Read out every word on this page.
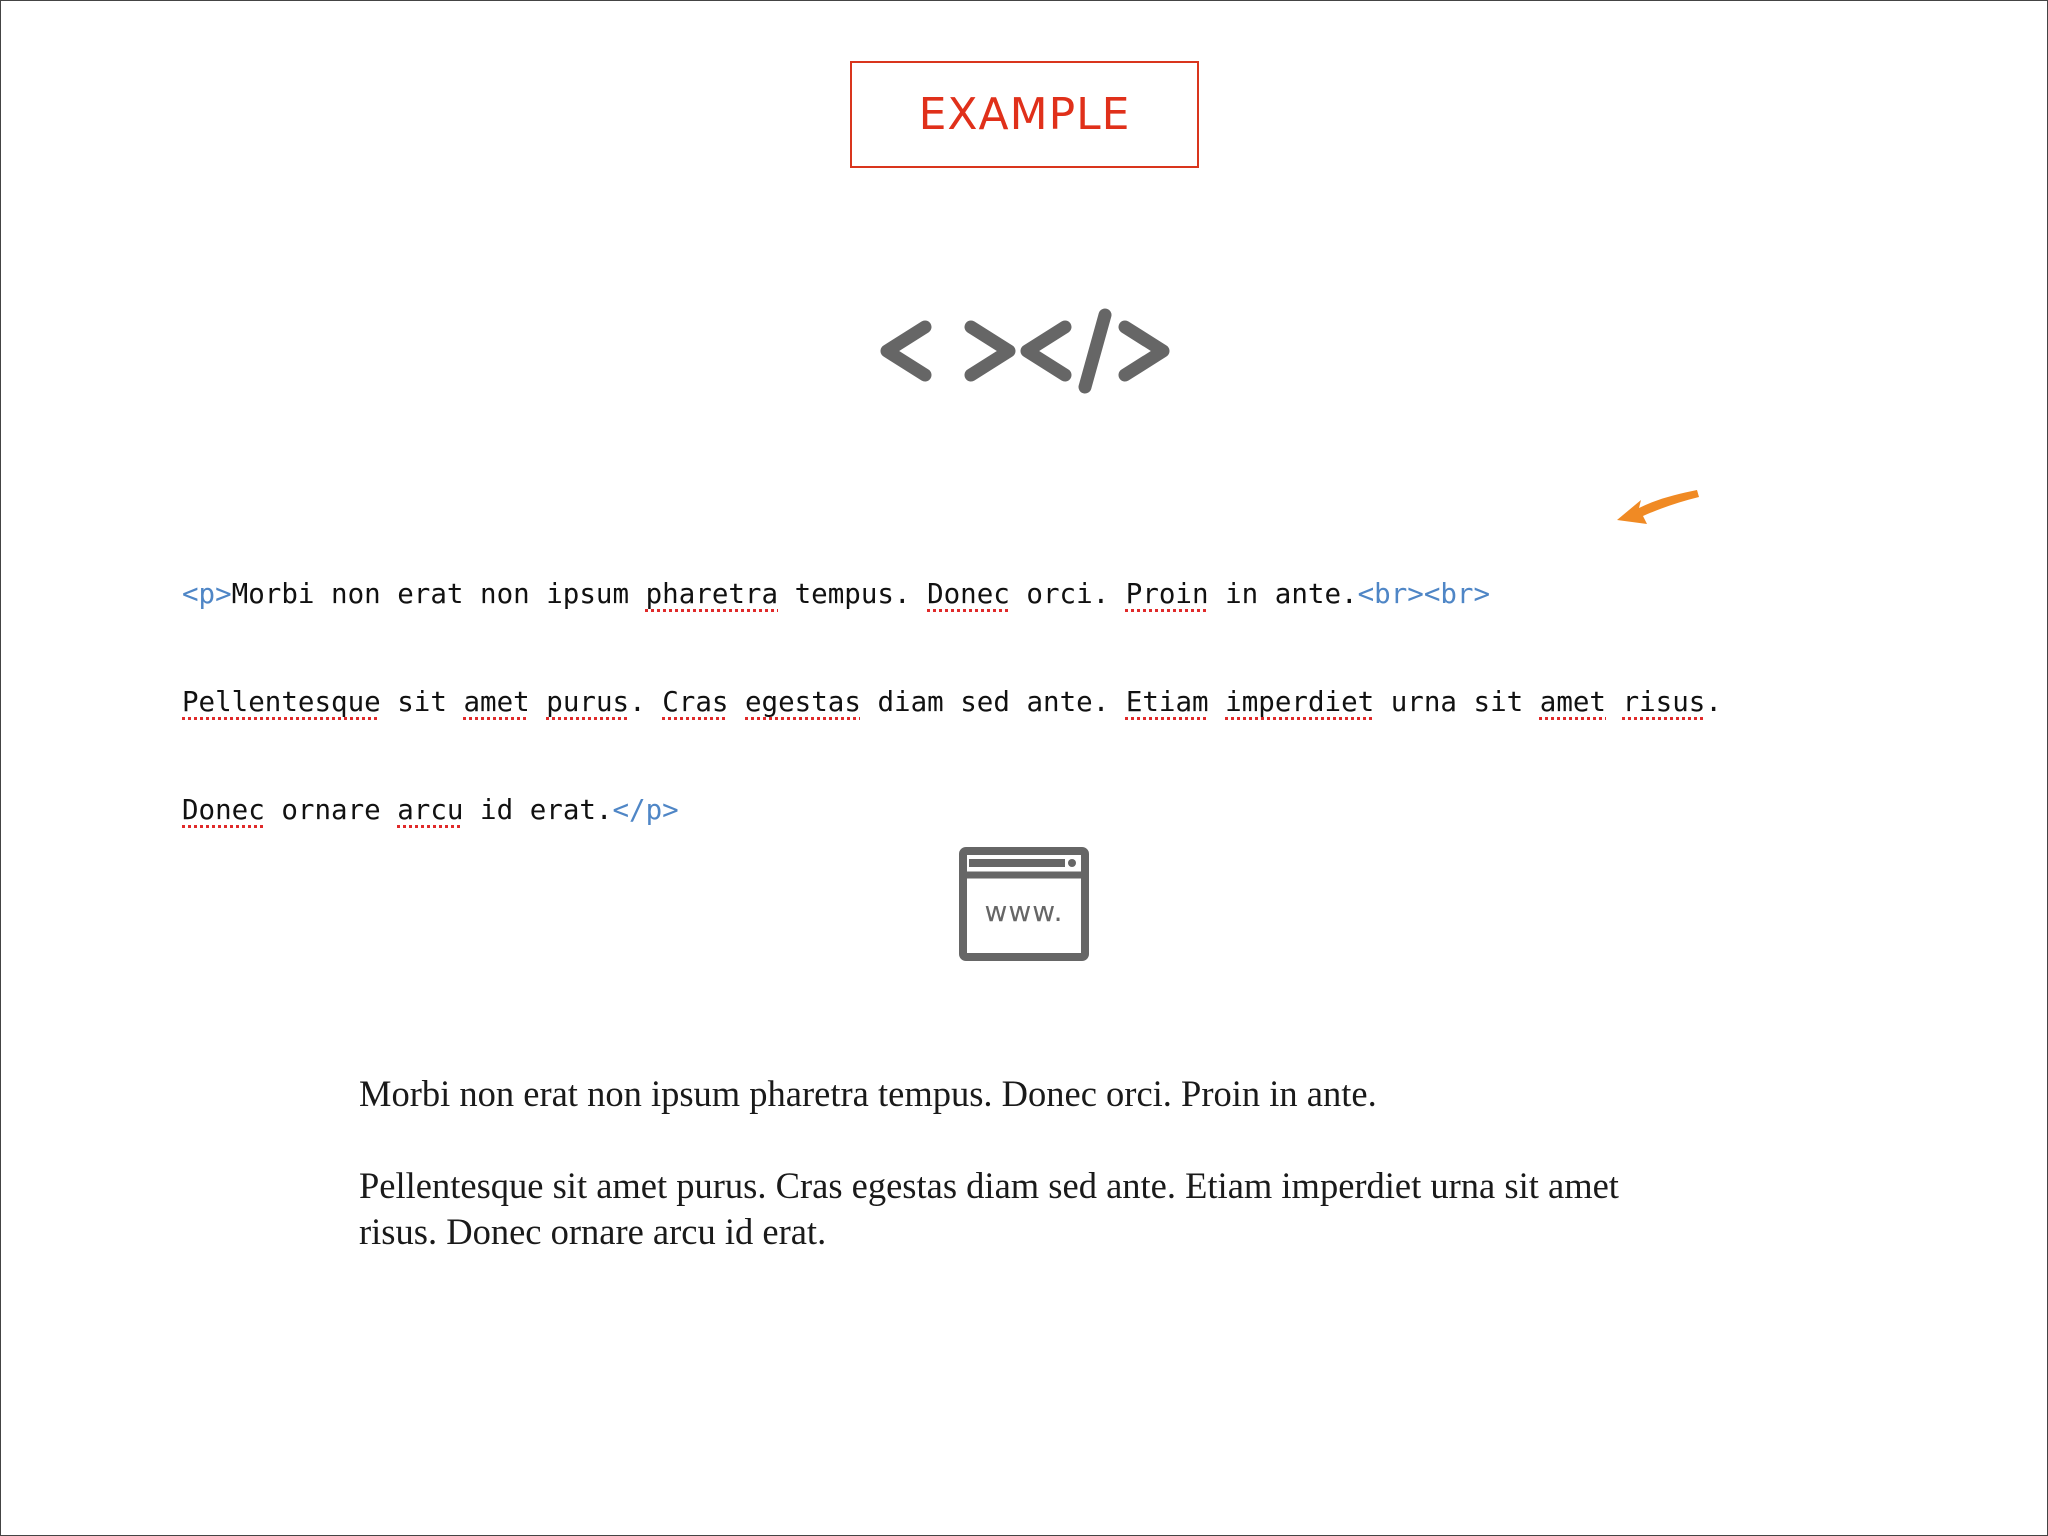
EXAMPLE

<p>Morbi non erat non ipsum pharetra tempus. Donec orci. Proin in ante.<br><br>

Pellentesque sit amet purus. Cras egestas diam sed ante. Etiam imperdiet urna sit amet risus.

Donec ornare arcu id erat.</p>

www.

Morbi non erat non ipsum pharetra tempus. Donec orci. Proin in ante.

Pellentesque sit amet purus. Cras egestas diam sed ante. Etiam imperdiet urna sit amet risus. Donec ornare arcu id erat.
